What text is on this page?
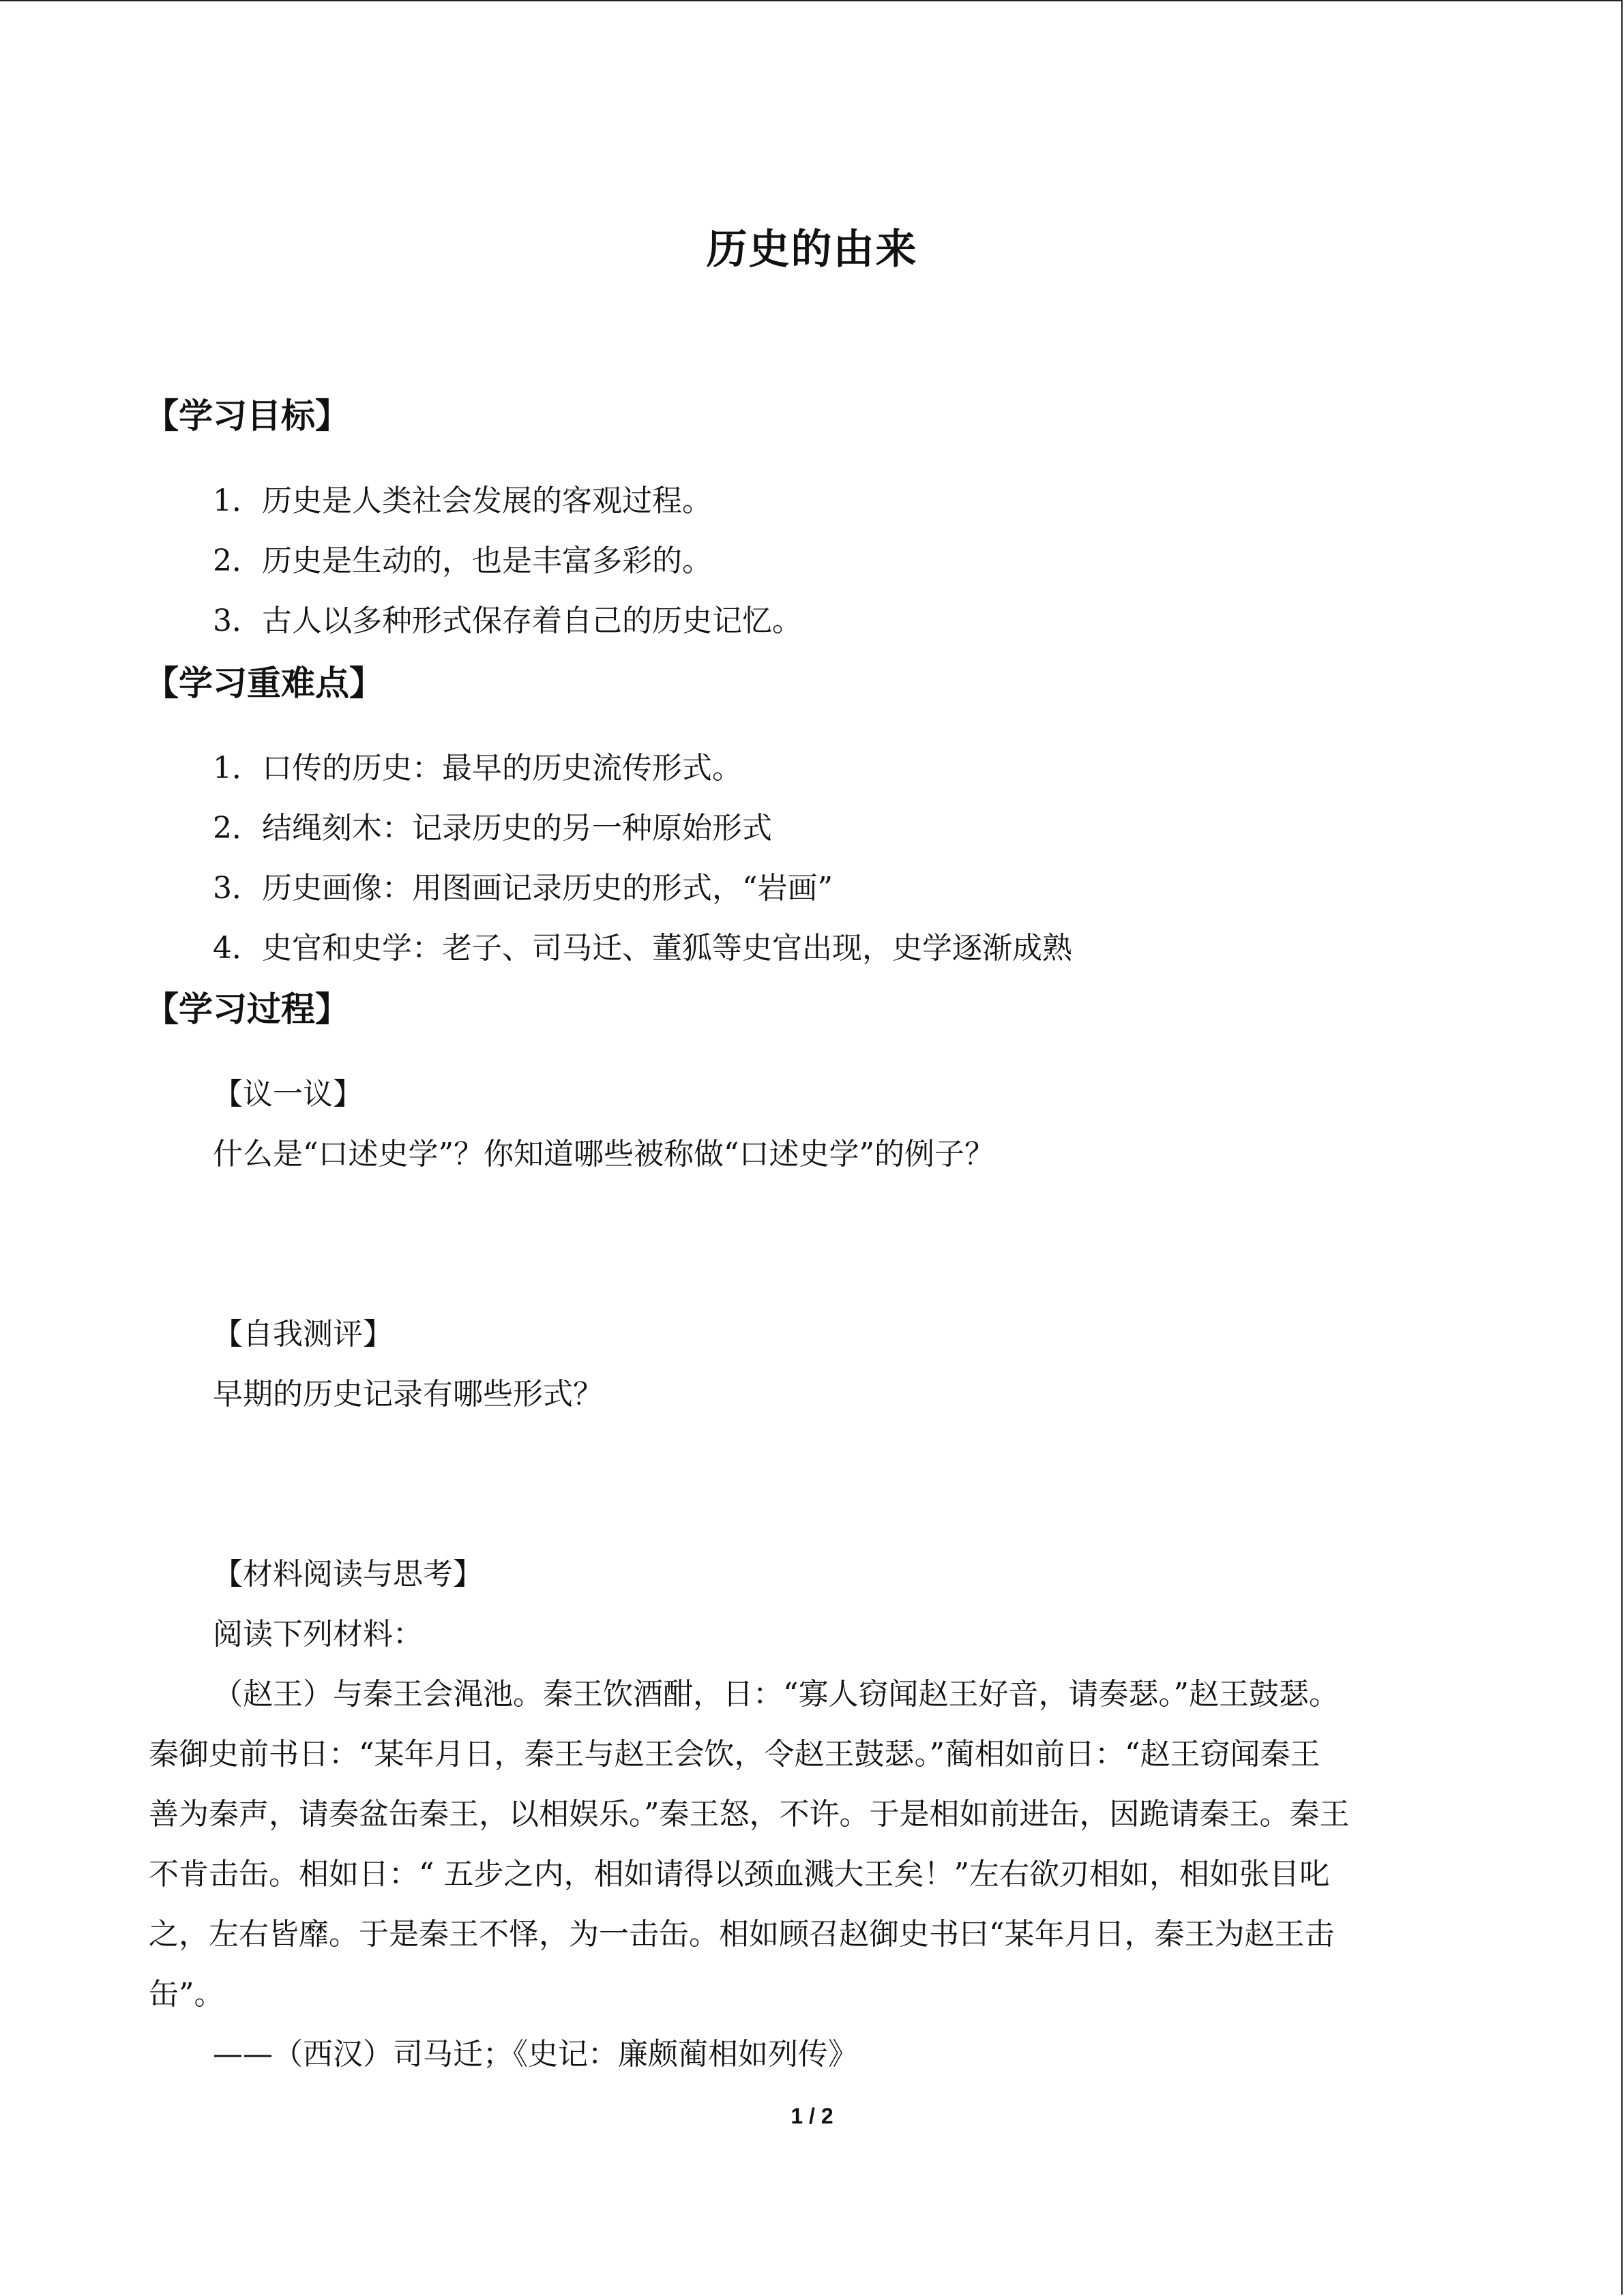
历史的由来
【学习目标】
1．历史是人类社会发展的客观过程。
2．历史是生动的，也是丰富多彩的。
3．古人以多种形式保存着自己的历史记忆。
【学习重难点】
1．口传的历史：最早的历史流传形式。
2．结绳刻木：记录历史的另一种原始形式
3．历史画像：用图画记录历史的形式，“岩画”
4．史官和史学：老子、司马迁、董狐等史官出现，史学逐渐成熟
【学习过程】
【议一议】
什么是“口述史学”？你知道哪些被称做“口述史学”的例子？
【自我测评】
早期的历史记录有哪些形式？
【材料阅读与思考】
阅读下列材料：
（赵王）与秦王会渑池。秦王饮酒酣，日：“寡人窃闻赵王好音，请奏瑟。”赵王鼓瑟。
秦御史前书日：“某年月日，秦王与赵王会饮，令赵王鼓瑟。”蔺相如前日：“赵王窃闻秦王
善为秦声，请奏盆缶秦王，以相娱乐。”秦王怒，不许。于是相如前进缶，因跪请秦王。秦王
不肯击缶。相如日：“ 五步之内，相如请得以颈血溅大王矣！”左右欲刃相如，相如张目叱
之，左右皆靡。于是秦王不怿，为一击缶。相如顾召赵御史书曰“某年月日，秦王为赵王击
缶”。
——（西汉）司马迁；《史记：廉颇蔺相如列传》
1 / 2
